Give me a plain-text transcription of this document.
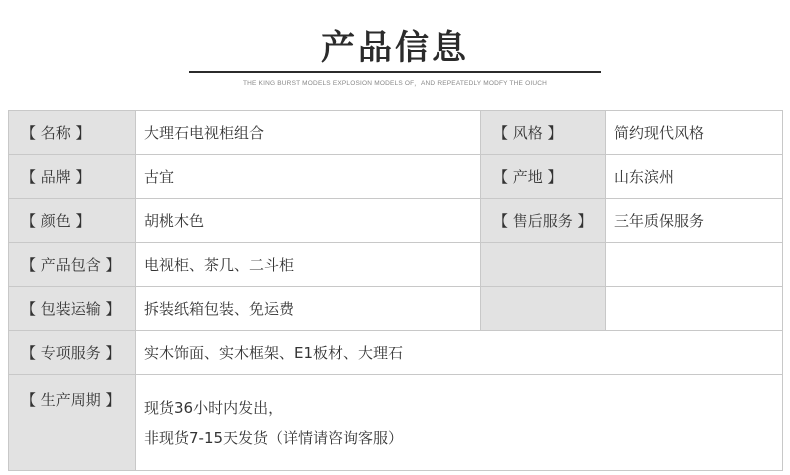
产品信息
THE KING BURST MODELS EXPLOSION MODELS OF，AND REPEATEDLY MODFY THE OIUCH
【 名称 】	大理石电视柜组合	【 风格 】	简约现代风格
【 品牌 】	古宜	【 产地 】	山东滨州
【 颜色 】	胡桃木色	【 售后服务 】	三年质保服务
【 产品包含 】	电视柜、茶几、二斗柜		
【 包装运输 】	拆装纸箱包装、免运费		
【 专项服务 】	实木饰面、实木框架、E1板材、大理石		
【 生产周期 】	现货36小时内发出，
非现货7-15天发货（详情请咨询客服）		
